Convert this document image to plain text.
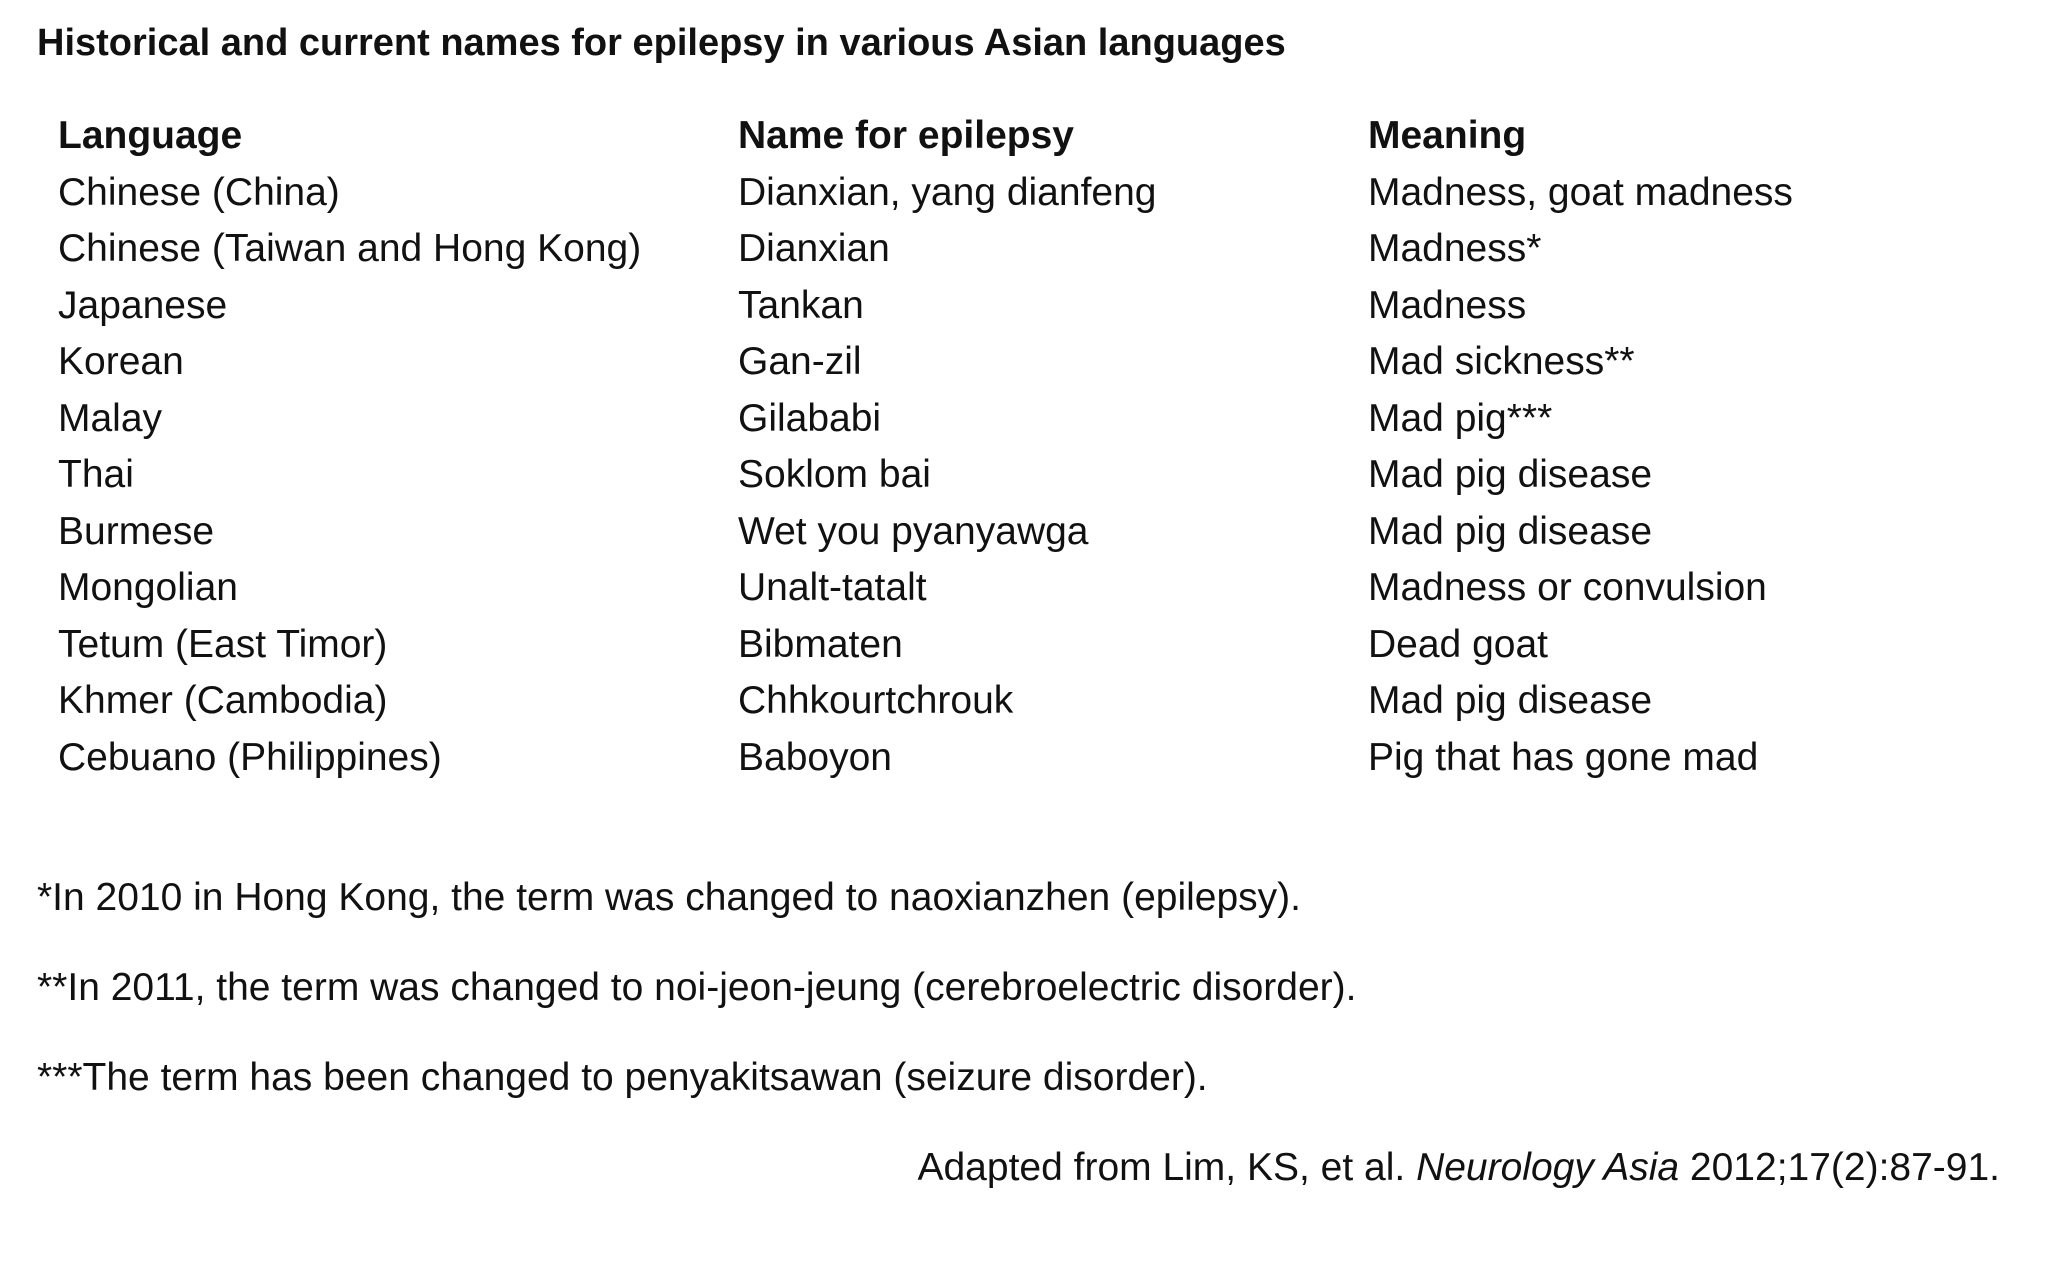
Historical and current names for epilepsy in various Asian languages
Language	Name for epilepsy	Meaning
Chinese (China)	Dianxian, yang dianfeng	Madness, goat madness
Chinese (Taiwan and Hong Kong)	Dianxian	Madness*
Japanese	Tankan	Madness
Korean	Gan-zil	Mad sickness**
Malay	Gilababi	Mad pig***
Thai	Soklom bai	Mad pig disease
Burmese	Wet you pyanyawga	Mad pig disease
Mongolian	Unalt-tatalt	Madness or convulsion
Tetum (East Timor)	Bibmaten	Dead goat
Khmer (Cambodia)	Chhkourtchrouk	Mad pig disease
Cebuano (Philippines)	Baboyon	Pig that has gone mad
*In 2010 in Hong Kong, the term was changed to naoxianzhen (epilepsy).
**In 2011, the term was changed to noi-jeon-jeung (cerebroelectric disorder).
***The term has been changed to penyakitsawan (seizure disorder).
Adapted from Lim, KS, et al. Neurology Asia 2012;17(2):87-91.
